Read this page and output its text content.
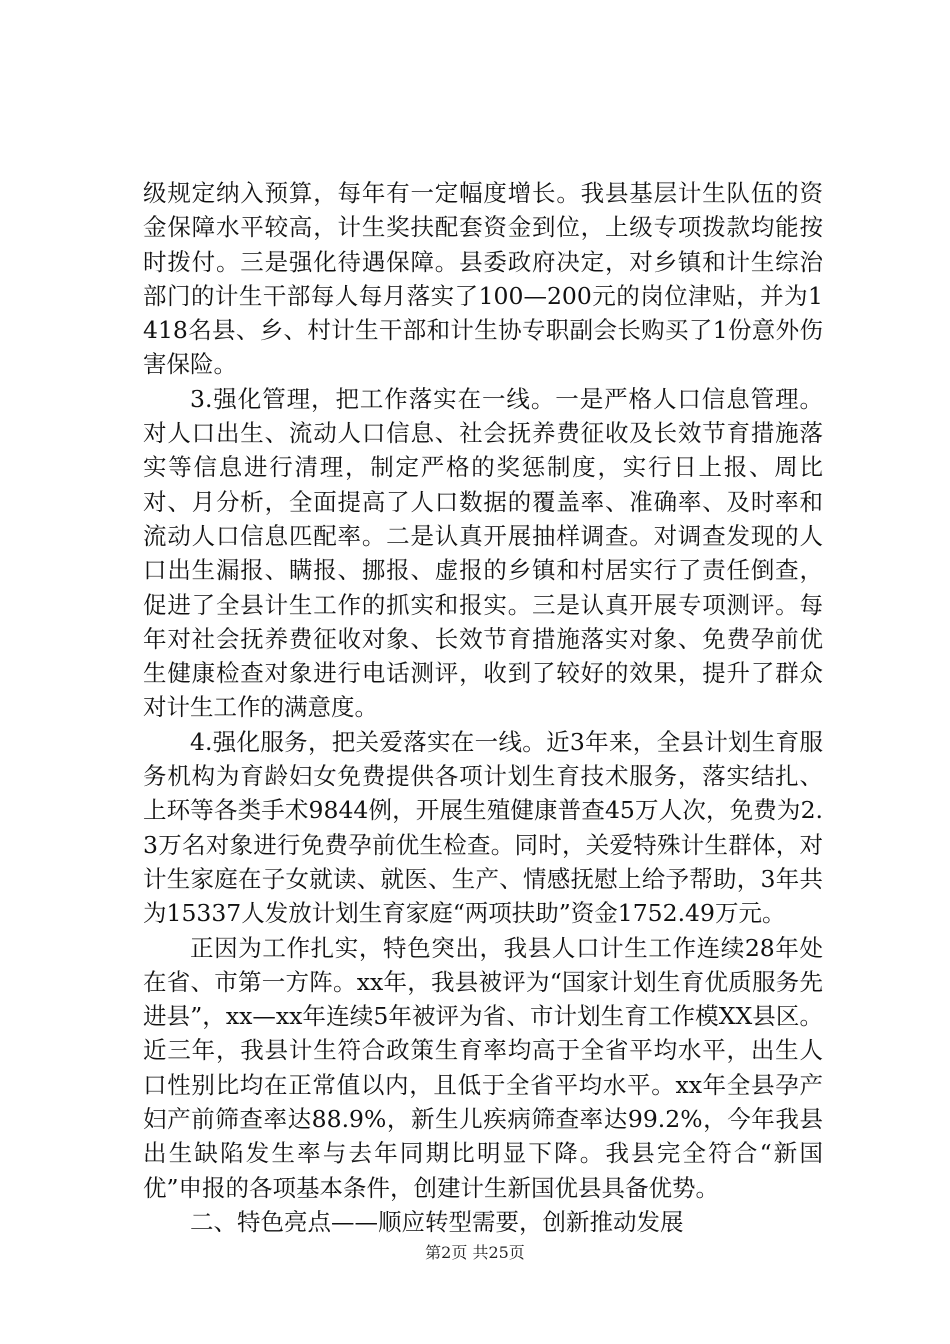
级规定纳入预算，每年有一定幅度增长。我县基层计生队伍的资金保障水平较高，计生奖扶配套资金到位，上级专项拨款均能按时拨付。三是强化待遇保障。县委政府决定，对乡镇和计生综治部门的计生干部每人每月落实了100—200元的岗位津贴，并为1418名县、乡、村计生干部和计生协专职副会长购买了1份意外伤害保险。

3.强化管理，把工作落实在一线。一是严格人口信息管理。对人口出生、流动人口信息、社会抚养费征收及长效节育措施落实等信息进行清理，制定严格的奖惩制度，实行日上报、周比对、月分析，全面提高了人口数据的覆盖率、准确率、及时率和流动人口信息匹配率。二是认真开展抽样调查。对调查发现的人口出生漏报、瞒报、挪报、虚报的乡镇和村居实行了责任倒查，促进了全县计生工作的抓实和报实。三是认真开展专项测评。每年对社会抚养费征收对象、长效节育措施落实对象、免费孕前优生健康检查对象进行电话测评，收到了较好的效果，提升了群众对计生工作的满意度。

4.强化服务，把关爱落实在一线。近3年来，全县计划生育服务机构为育龄妇女免费提供各项计划生育技术服务，落实结扎、上环等各类手术9844例，开展生殖健康普查45万人次，免费为2.3万名对象进行免费孕前优生检查。同时，关爱特殊计生群体，对计生家庭在子女就读、就医、生产、情感抚慰上给予帮助，3年共为15337人发放计划生育家庭“两项扶助”资金1752.49万元。

正因为工作扎实，特色突出，我县人口计生工作连续28年处在省、市第一方阵。xx年，我县被评为“国家计划生育优质服务先进县”，xx—xx年连续5年被评为省、市计划生育工作模XX县区。近三年，我县计生符合政策生育率均高于全省平均水平，出生人口性别比均在正常值以内，且低于全省平均水平。xx年全县孕产妇产前筛查率达88.9%，新生儿疾病筛查率达99.2%，今年我县出生缺陷发生率与去年同期比明显下降。我县完全符合“新国优”申报的各项基本条件，创建计生新国优县具备优势。

二、特色亮点——顺应转型需要，创新推动发展

第2页 共25页
